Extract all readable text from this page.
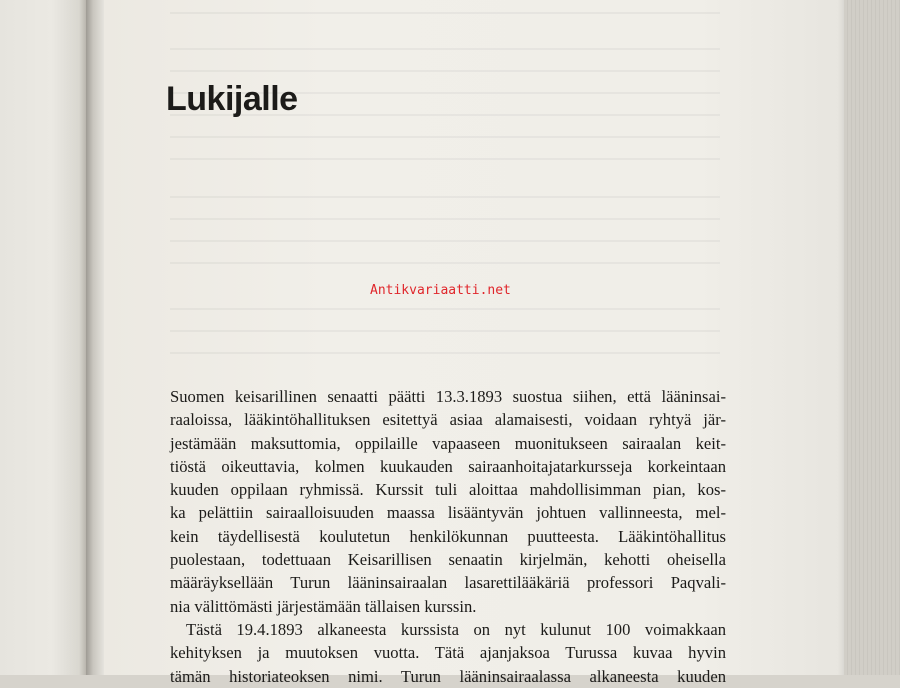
Lukijalle
Antikvariaatti.net
Suomen keisarillinen senaatti päätti 13.3.1893 suostua siihen, että lääninsai-
raaloissa, lääkintöhallituksen esitettyä asiaa alamaisesti, voidaan ryhtyä jär-
jestämään maksuttomia, oppilaille vapaaseen muonitukseen sairaalan keit-
tiöstä oikeuttavia, kolmen kuukauden sairaanhoitajatarkursseja korkeintaan
kuuden oppilaan ryhmissä. Kurssit tuli aloittaa mahdollisimman pian, kos-
ka pelättiin sairaalloisuuden maassa lisääntyvän johtuen vallinneesta, mel-
kein täydellisestä koulutetun henkilökunnan puutteesta. Lääkintöhallitus
puolestaan, todettuaan Keisarillisen senaatin kirjelmän, kehotti oheisella
määräyksellään Turun lääninsairaalan lasarettilääkäriä professori Paqvali-
nia välittömästi järjestämään tällaisen kurssin.
Tästä 19.4.1893 alkaneesta kurssista on nyt kulunut 100 voimakkaan
kehityksen ja muutoksen vuotta. Tätä ajanjaksoa Turussa kuvaa hyvin
tämän historiateoksen nimi. Turun lääninsairaalassa alkaneesta kuuden
